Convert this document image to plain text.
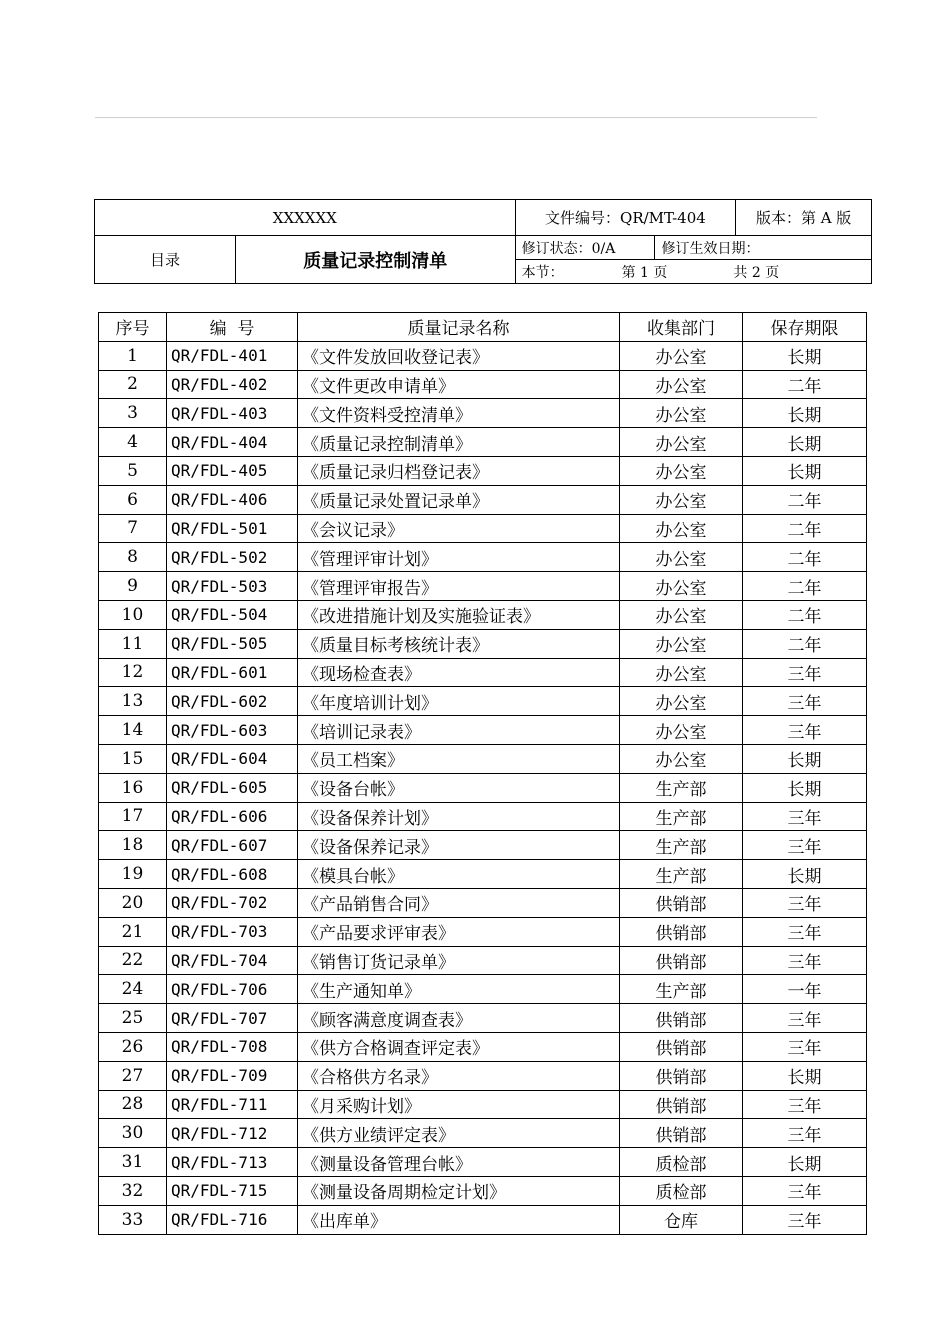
XXXXXX		文件编号：QR/MT-404		版本：第 A 版
目录	质量记录控制清单	修订状态：0/A	修订生效日期：	
		本节： 第 1 页 共 2 页		
序号	编  号	质量记录名称	收集部门	保存期限
1	QR/FDL-401	《文件发放回收登记表》	办公室	长期
2	QR/FDL-402	《文件更改申请单》	办公室	二年
3	QR/FDL-403	《文件资料受控清单》	办公室	长期
4	QR/FDL-404	《质量记录控制清单》	办公室	长期
5	QR/FDL-405	《质量记录归档登记表》	办公室	长期
6	QR/FDL-406	《质量记录处置记录单》	办公室	二年
7	QR/FDL-501	《会议记录》	办公室	二年
8	QR/FDL-502	《管理评审计划》	办公室	二年
9	QR/FDL-503	《管理评审报告》	办公室	二年
10	QR/FDL-504	《改进措施计划及实施验证表》	办公室	二年
11	QR/FDL-505	《质量目标考核统计表》	办公室	二年
12	QR/FDL-601	《现场检查表》	办公室	三年
13	QR/FDL-602	《年度培训计划》	办公室	三年
14	QR/FDL-603	《培训记录表》	办公室	三年
15	QR/FDL-604	《员工档案》	办公室	长期
16	QR/FDL-605	《设备台帐》	生产部	长期
17	QR/FDL-606	《设备保养计划》	生产部	三年
18	QR/FDL-607	《设备保养记录》	生产部	三年
19	QR/FDL-608	《模具台帐》	生产部	长期
20	QR/FDL-702	《产品销售合同》	供销部	三年
21	QR/FDL-703	《产品要求评审表》	供销部	三年
22	QR/FDL-704	《销售订货记录单》	供销部	三年
24	QR/FDL-706	《生产通知单》	生产部	一年
25	QR/FDL-707	《顾客满意度调查表》	供销部	三年
26	QR/FDL-708	《供方合格调查评定表》	供销部	三年
27	QR/FDL-709	《合格供方名录》	供销部	长期
28	QR/FDL-711	《月采购计划》	供销部	三年
30	QR/FDL-712	《供方业绩评定表》	供销部	三年
31	QR/FDL-713	《测量设备管理台帐》	质检部	长期
32	QR/FDL-715	《测量设备周期检定计划》	质检部	三年
33	QR/FDL-716	《出库单》	仓库	三年
